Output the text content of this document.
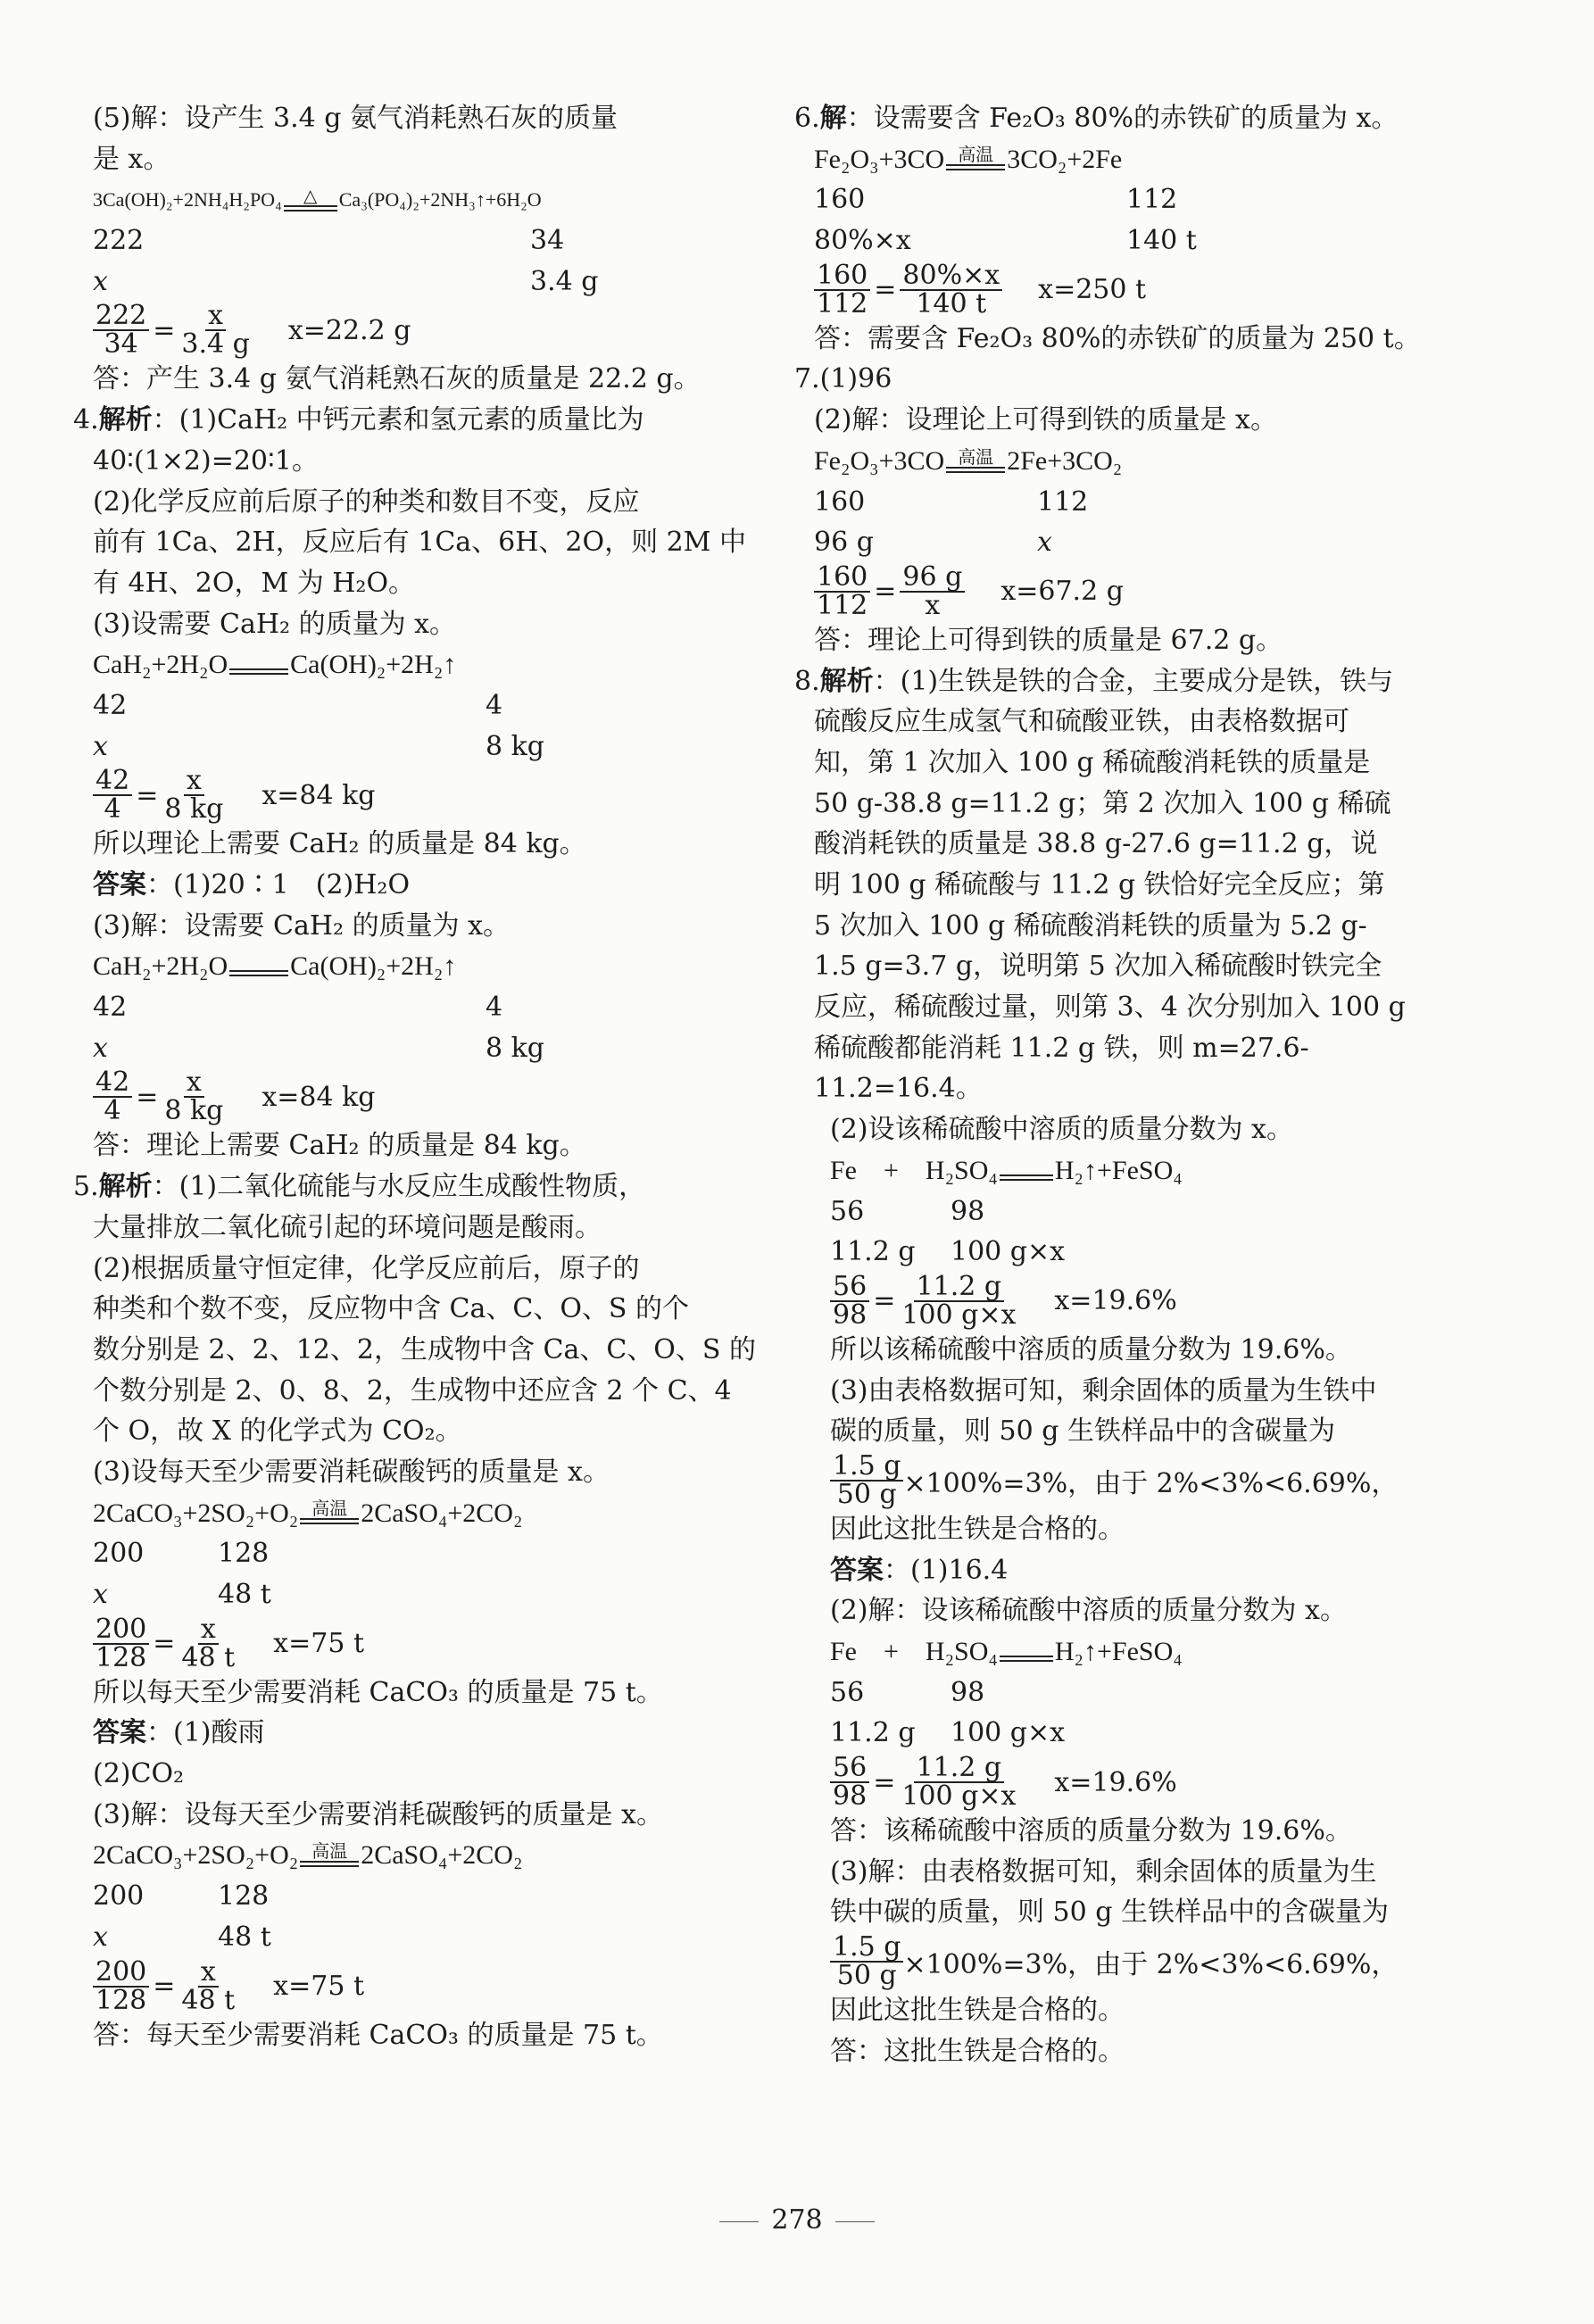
(5)解：设产生 3.4 g 氨气消耗熟石灰的质量
是 x。
3Ca(OH)₂+2NH₄H₂PO₄ △ Ca₃(PO₄)₂+2NH₃↑+6H₂O
222	34
x	3.4 g
$\frac{222}{34} = \frac{x}{3.4 g} x=22.2$ g
答：产生 3.4 g 氨气消耗熟石灰的质量是 22.2 g。
4.解析：(1)CaH₂ 中钙元素和氢元素的质量比为
40∶(1×2)=20∶1。
(2)化学反应前后原子的种类和数目不变，反应
前有 1Ca、2H，反应后有 1Ca、6H、2O，则 2M 中
有 4H、2O，M 为 H₂O。
(3)设需要 CaH₂ 的质量为 x。
CaH₂+2H₂O Ca(OH)₂+2H₂↑
42	4
x	8 kg
$\frac{42}{4} = \frac{x}{8 kg} x=84$ kg
所以理论上需要 CaH₂ 的质量是 84 kg。
答案：(1)20∶1　(2)H₂O
(3)解：设需要 CaH₂ 的质量为 x。
CaH₂+2H₂O Ca(OH)₂+2H₂↑
42	4
x	8 kg
$\frac{42}{4} = \frac{x}{8 kg} x=84$ kg
答：理论上需要 CaH₂ 的质量是 84 kg。
5.解析：(1)二氧化硫能与水反应生成酸性物质，
大量排放二氧化硫引起的环境问题是酸雨。
(2)根据质量守恒定律，化学反应前后，原子的
种类和个数不变，反应物中含 Ca、C、O、S 的个
数分别是 2、2、12、2，生成物中含 Ca、C、O、S 的
个数分别是 2、0、8、2，生成物中还应含 2 个 C、4
个 O，故 X 的化学式为 CO₂。
(3)设每天至少需要消耗碳酸钙的质量是 x。
2CaCO₃+2SO₂+O₂ 高温 2CaSO₄+2CO₂
200	128
x	48 t
$\frac{200}{128} = \frac{x}{48 t} x=75$ t
所以每天至少需要消耗 CaCO₃ 的质量是 75 t。
答案：(1)酸雨
(2)CO₂
(3)解：设每天至少需要消耗碳酸钙的质量是 x。
2CaCO₃+2SO₂+O₂ 高温 2CaSO₄+2CO₂
200	128
x	48 t
$\frac{200}{128} = \frac{x}{48 t} x=75$ t
答：每天至少需要消耗 CaCO₃ 的质量是 75 t。
6.解：设需要含 Fe₂O₃ 80%的赤铁矿的质量为 x。
Fe₂O₃+3CO 高温 3CO₂+2Fe
160	112
80%×x	140 t
$\frac{160}{112} = \frac{80\%\times x}{140 t} x=250$ t
答：需要含 Fe₂O₃ 80%的赤铁矿的质量为 250 t。
7.(1)96
(2)解：设理论上可得到铁的质量是 x。
Fe₂O₃+3CO 高温 2Fe+3CO₂
160	112
96 g	x
$\frac{160}{112} = \frac{96 g}{x} x=67.2$ g
答：理论上可得到铁的质量是 67.2 g。
8.解析：(1)生铁是铁的合金，主要成分是铁，铁与
硫酸反应生成氢气和硫酸亚铁，由表格数据可
知，第 1 次加入 100 g 稀硫酸消耗铁的质量是
50 g-38.8 g=11.2 g；第 2 次加入 100 g 稀硫
酸消耗铁的质量是 38.8 g-27.6 g=11.2 g，说
明 100 g 稀硫酸与 11.2 g 铁恰好完全反应；第
5 次加入 100 g 稀硫酸消耗铁的质量为 5.2 g-
1.5 g=3.7 g，说明第 5 次加入稀硫酸时铁完全
反应，稀硫酸过量，则第 3、4 次分别加入 100 g
稀硫酸都能消耗 11.2 g 铁，则 m=27.6-
11.2=16.4。
(2)设该稀硫酸中溶质的质量分数为 x。
Fe　+　H₂SO₄ H₂↑+FeSO₄
56	98
11.2 g 100 g×x
$\frac{56}{98} = \frac{11.2 g}{100 g\times x} x=19.6\%$
所以该稀硫酸中溶质的质量分数为 19.6%。
(3)由表格数据可知，剩余固体的质量为生铁中
碳的质量，则 50 g 生铁样品中的含碳量为
$\frac{1.5 g}{50 g} \times 100\%=3\%$，由于 2%<3%<6.69%，
因此这批生铁是合格的。
答案：(1)16.4
(2)解：设该稀硫酸中溶质的质量分数为 x。
Fe　+　H₂SO₄ H₂↑+FeSO₄
56	98
11.2 g 100 g×x
$\frac{56}{98} = \frac{11.2 g}{100 g\times x} x=19.6\%$
答：该稀硫酸中溶质的质量分数为 19.6%。
(3)解：由表格数据可知，剩余固体的质量为生
铁中碳的质量，则 50 g 生铁样品中的含碳量为
$\frac{1.5 g}{50 g} \times 100\%=3\%$，由于 2%<3%<6.69%，
因此这批生铁是合格的。
答：这批生铁是合格的。
278
